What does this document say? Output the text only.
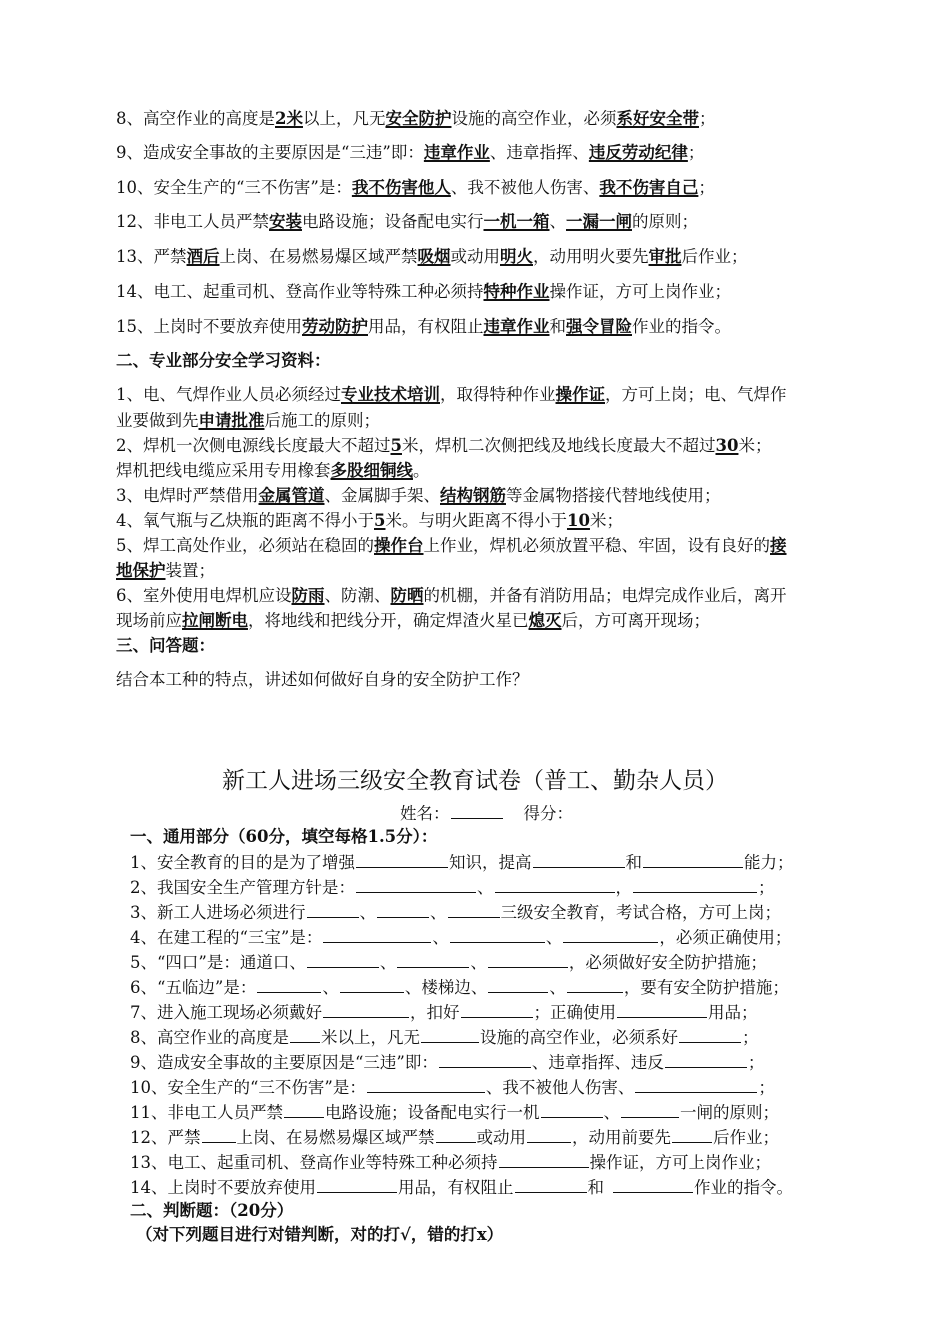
8、高空作业的高度是2米以上，凡无安全防护设施的高空作业，必须系好安全带；
9、造成安全事故的主要原因是“三违”即：违章作业、违章指挥、违反劳动纪律；
10、安全生产的“三不伤害”是：我不伤害他人、我不被他人伤害、我不伤害自己；
12、非电工人员严禁安装电路设施；设备配电实行一机一箱、一漏一闸的原则；
13、严禁酒后上岗、在易燃易爆区域严禁吸烟或动用明火，动用明火要先审批后作业；
14、电工、起重司机、登高作业等特殊工种必须持特种作业操作证，方可上岗作业；
15、上岗时不要放弃使用劳动防护用品，有权阻止违章作业和强令冒险作业的指令。
二、专业部分安全学习资料：
1、电、气焊作业人员必须经过专业技术培训，取得特种作业操作证，方可上岗；电、气焊作
业要做到先申请批准后施工的原则；
2、焊机一次侧电源线长度最大不超过5米，焊机二次侧把线及地线长度最大不超过30米；
焊机把线电缆应采用专用橡套多股细铜线。
3、电焊时严禁借用金属管道、金属脚手架、结构钢筋等金属物搭接代替地线使用；
4、氧气瓶与乙炔瓶的距离不得小于5米。与明火距离不得小于10米；
5、焊工高处作业，必须站在稳固的操作台上作业，焊机必须放置平稳、牢固，设有良好的接
地保护装置；
6、室外使用电焊机应设防雨、防潮、防晒的机棚，并备有消防用品；电焊完成作业后，离开
现场前应拉闸断电，将地线和把线分开，确定焊渣火星已熄灭后，方可离开现场；
三、问答题：
结合本工种的特点，讲述如何做好自身的安全防护工作？
新工人进场三级安全教育试卷（普工、勤杂人员）
姓名：	得分：
一、通用部分（60分，填空每格1.5分）：
1、安全教育的目的是为了增强	知识，提高	和	能力；
2、我国安全生产管理方针是：	、	，	；
3、新工人进场必须进行	、	、	三级安全教育，考试合格，方可上岗；
4、在建工程的“三宝”是：	、	、	，必须正确使用；
5、“四口”是：通道口、	、	、	，必须做好安全防护措施；
6、“五临边”是：	、	、楼梯边、	、	，要有安全防护措施；
7、进入施工现场必须戴好	，扣好	；正确使用	用品；
8、高空作业的高度是 米以上，凡无	设施的高空作业，必须系好	；
9、造成安全事故的主要原因是“三违”即：	、违章指挥、违反	；
10、安全生产的“三不伤害”是：	、我不被他人伤害、	；
11、非电工人员严禁	电路设施；设备配电实行一机	、	一闸的原则；
12、严禁 上岗、在易燃易爆区域严禁	或动用	，动用前要先	后作业；
13、电工、起重司机、登高作业等特殊工种必须持	操作证，方可上岗作业；
14、上岗时不要放弃使用	用品，有权阻止	和	作业的指令。
二、判断题：（20分）
（对下列题目进行对错判断，对的打√，错的打x）
